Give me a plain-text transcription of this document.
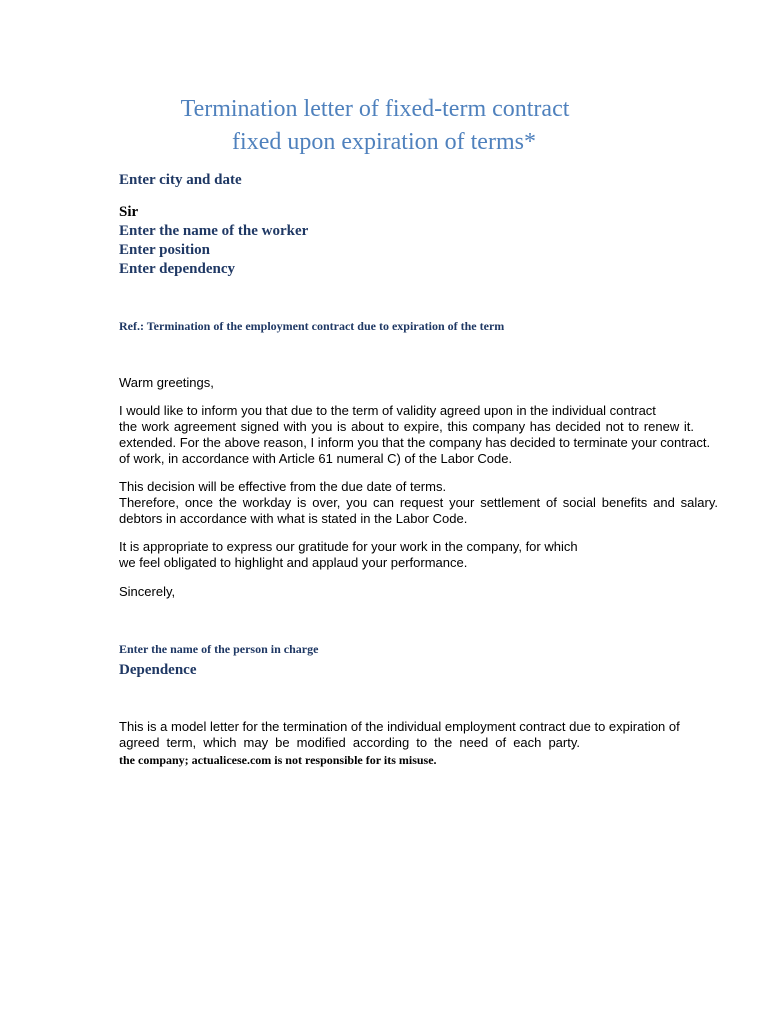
Termination letter of fixed-term contract
fixed upon expiration of terms*
Enter city and date
Sir
Enter the name of the worker
Enter position
Enter dependency
Ref.: Termination of the employment contract due to expiration of the term
Warm greetings,
I would like to inform you that due to the term of validity agreed upon in the individual contract
the work agreement signed with you is about to expire, this company has decided not to renew it.
extended. For the above reason, I inform you that the company has decided to terminate your contract.
of work, in accordance with Article 61 numeral C) of the Labor Code.
This decision will be effective from the due date of terms.
Therefore, once the workday is over, you can request your settlement of social benefits and salary.
debtors in accordance with what is stated in the Labor Code.
It is appropriate to express our gratitude for your work in the company, for which
we feel obligated to highlight and applaud your performance.
Sincerely,
Enter the name of the person in charge
Dependence
This is a model letter for the termination of the individual employment contract due to expiration of
agreed term, which may be modified according to the need of each party.
the company; actualicese.com is not responsible for its misuse.
